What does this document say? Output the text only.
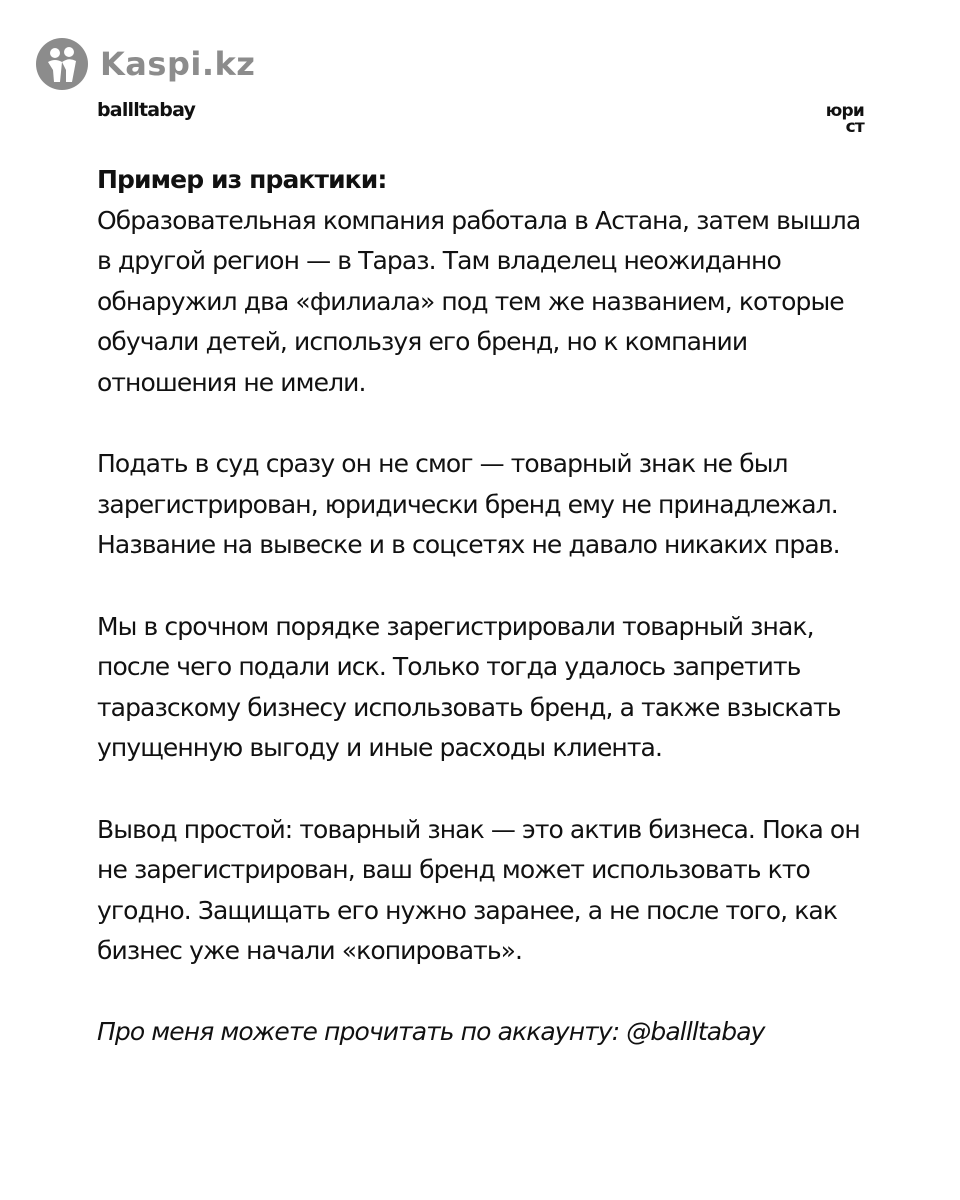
Kaspi.kz
ballltabay	юри
ст

Пример из практики:
Образовательная компания работала в Астана, затем вышла в другой регион — в Тараз. Там владелец неожиданно обнаружил два «филиала» под тем же названием, которые обучали детей, используя его бренд, но к компании отношения не имели.

Подать в суд сразу он не смог — товарный знак не был зарегистрирован, юридически бренд ему не принадлежал. Название на вывеске и в соцсетях не давало никаких прав.

Мы в срочном порядке зарегистрировали товарный знак, после чего подали иск. Только тогда удалось запретить таразскому бизнесу использовать бренд, а также взыскать упущенную выгоду и иные расходы клиента.

Вывод простой: товарный знак — это актив бизнеса. Пока он не зарегистрирован, ваш бренд может использовать кто угодно. Защищать его нужно заранее, а не после того, как бизнес уже начали «копировать».

Про меня можете прочитать по аккаунту: @ballltabay
